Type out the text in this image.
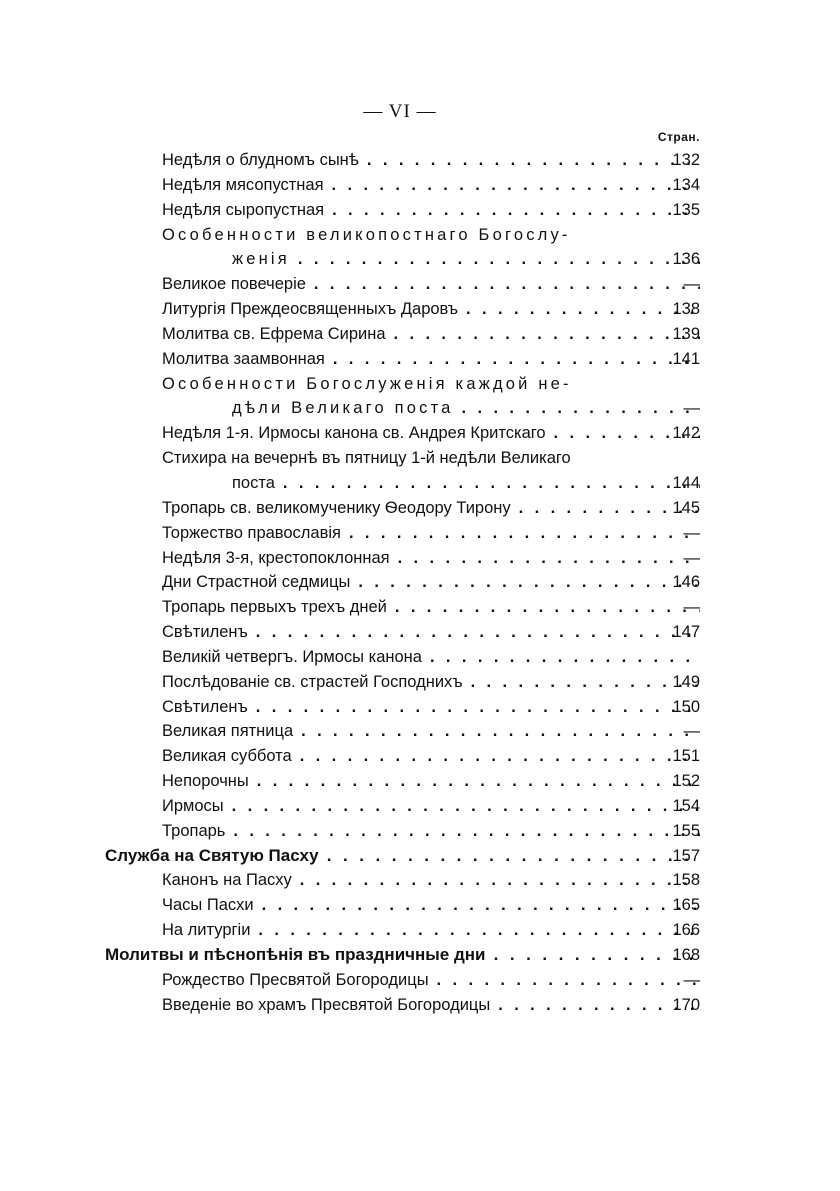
— VI —
Стран.
Недѣля о блудномъ сынѣ . . .	132
Недѣля мясопустная . . .	134
Недѣля сыропустная . . .	135
Особенности великопостнаго Богослу-
женія . . .	136
Великое повечеріе . . .	—
Литургія Преждеосвященныхъ Даровъ . . .	138
Молитва св. Ефрема Сирина . . .	139
Молитва заамвонная . . .	141
Особенности Богослуженія каждой не-
дѣли Великаго поста . . .	—
Недѣля 1-я. Ирмосы канона св. Андрея Критскаго . . .	142
Стихира на вечернѣ въ пятницу 1-й недѣли Великаго
поста . . .	144
Тропарь св. великомученику Ѳеодору Тирону . . .	145
Торжество православія . . .	—
Недѣля 3-я, крестопоклонная . . .	—
Дни Страстной седмицы . . .	146
Тропарь первыхъ трехъ дней . . .	—
Свѣтиленъ . . .	147
Великій четвергъ. Ирмосы канона . . .
Послѣдованіе св. страстей Господнихъ . . .	149
Свѣтиленъ . . .	150
Великая пятница . . .	—
Великая суббота . . .	151
Непорочны . . .	152
Ирмосы . . .	154
Тропарь . . .	155
Служба на Святую Пасху . . .	157
Канонъ на Пасху . . .	158
Часы Пасхи . . .	165
На литургіи . . .	166
Молитвы и пѣснопѣнія въ праздничные дни . . .	168
Рождество Пресвятой Богородицы . . .	—
Введеніе во храмъ Пресвятой Богородицы . . .	170
